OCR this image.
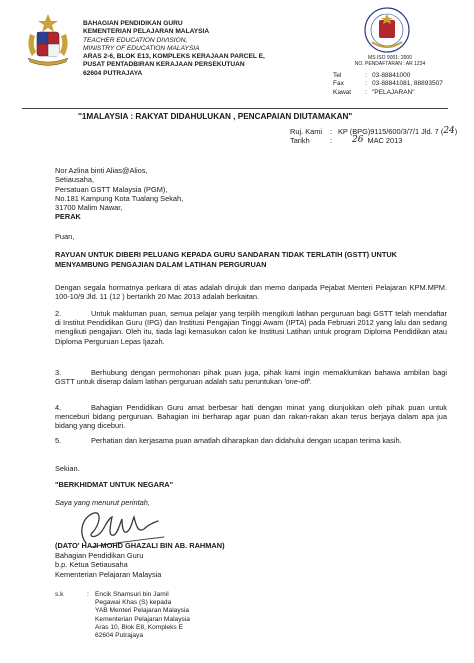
BAHAGIAN PENDIDIKAN GURU
KEMENTERIAN PELAJARAN MALAYSIA
TEACHER EDUCATION DIVISION,
MINISTRY OF EDUCATION MALAYSIA
ARAS 2-6, BLOK E13, KOMPLEKS KERAJAAN PARCEL E,
PUSAT PENTADBIRAN KERAJAAN PERSEKUTUAN
62604 PUTRAJAYA
MS ISO 9001: 2000
NO. PENDAFTARAN : AR 1234
Tel	: 03-88841000
Fax	: 03-88841081, 88893507
Kawat	: "PELAJARAN"
"1MALAYSIA : RAKYAT DIDAHULUKAN , PENCAPAIAN DIUTAMAKAN"
Ruj. Kami	: KP (BPG)9115/600/3/7/1 Jld. 7 ( 24 )
Tarikh	:	26 MAC 2013
Nor Azlina binti Alias@Alios,
Setiausaha,
Persatuan GSTT Malaysia (PGM),
No.181 Kampung Kota Tualang Sekah,
31700 Malim Nawar,
PERAK
Puan,
RAYUAN UNTUK DIBERI PELUANG KEPADA GURU SANDARAN TIDAK TERLATIH (GSTT) UNTUK MENYAMBUNG PENGAJIAN DALAM LATIHAN PERGURUAN
Dengan segala hormatnya perkara di atas adalah dirujuk dan memo daripada Pejabat Menteri Pelajaran KPM.MPM. 100-10/9 Jld. 11 (12 ) bertarikh 20 Mac 2013 adalah berkaitan.
2.	Untuk makluman puan, semua pelajar yang terpilih mengikuti latihan perguruan bagi GSTT telah mendaftar di Institut Pendidikan Guru (IPG) dan Institusi Pengajian Tinggi Awam (IPTA) pada Februari 2012 yang lalu dan sedang mengikuti pengajian. Oleh itu, tiada lagi kemasukan calon ke Institusi Latihan untuk program Diploma Pendidikan atau Diploma Perguruan Lepas Ijazah.
3.	Berhubung dengan permohonan pihak puan juga, pihak kami ingin memaklumkan bahawa ambilan bagi GSTT untuk diserap dalam latihan perguruan adalah satu peruntukan 'one-off'.
4.	Bahagian Pendidikan Guru amat berbesar hati dengan minat yang diunjukkan oleh pihak puan untuk menceburi bidang perguruan. Bahagian ini berharap agar puan dan rakan-rakan akan terus berjaya dalam apa jua bidang yang diceburi.
5.	Perhatian dan kerjasama puan amatlah diharapkan dan didahului dengan ucapan terima kasih.
Sekian.
"BERKHIDMAT UNTUK NEGARA"
Saya yang menurut perintah,
(DATO' HAJI MOHD GHAZALI BIN AB. RAHMAN)
Bahagian Pendidikan Guru
b.p. Ketua Setiausaha
Kementerian Pelajaran Malaysia
s.k	: Encik Shamsuri bin Jamil
Pegawai Khas (S) kepada
YAB Menteri Pelajaran Malaysia
Kementerian Pelajaran Malaysia
Aras 10, Blok E8, Kompleks E
62604 Putrajaya
